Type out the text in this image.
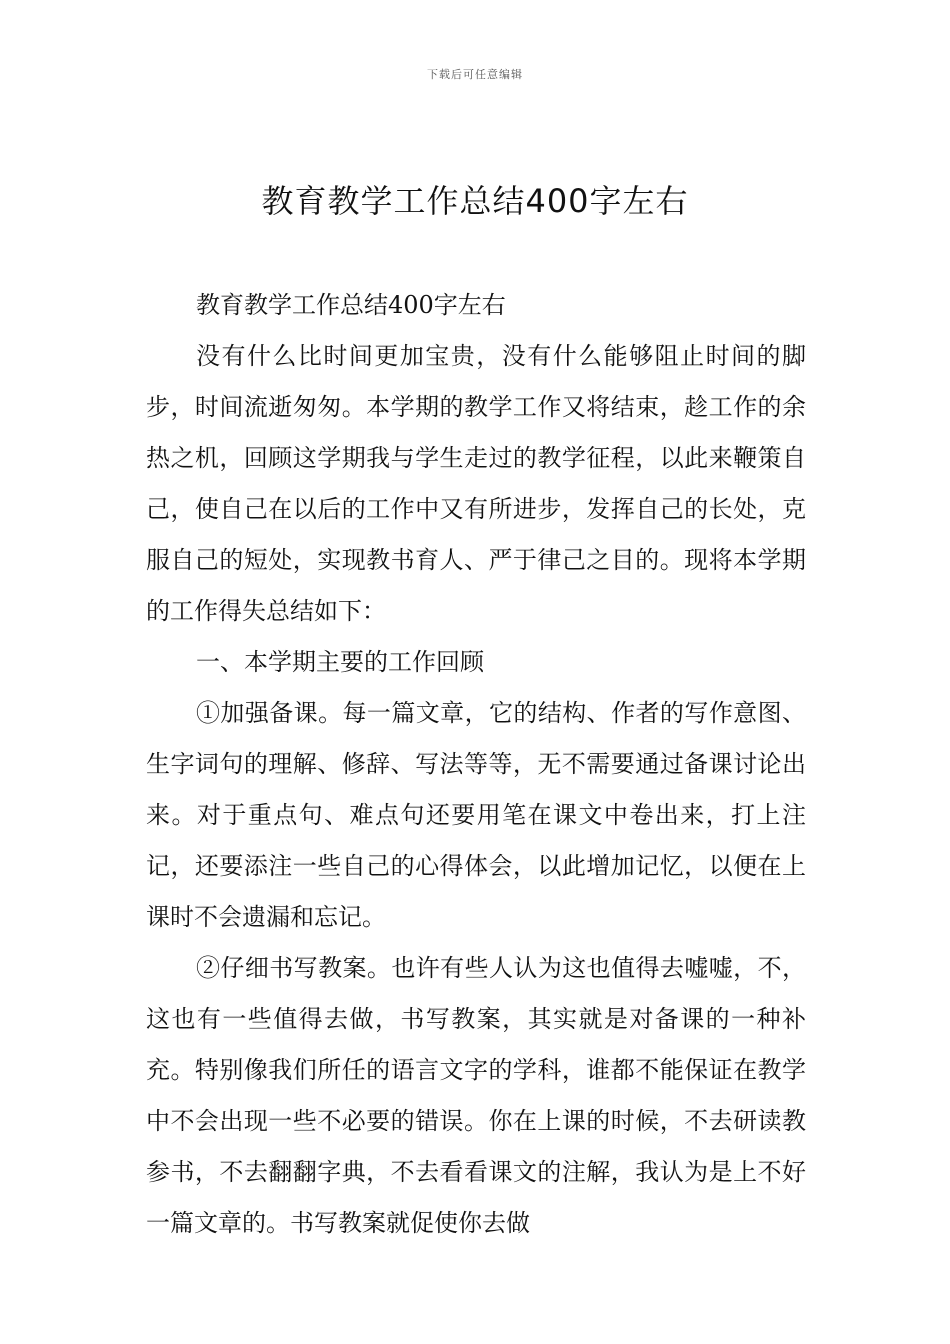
下载后可任意编辑
教育教学工作总结400字左右

教育教学工作总结400字左右

没有什么比时间更加宝贵，没有什么能够阻止时间的脚步，时间流逝匆匆。本学期的教学工作又将结束，趁工作的余热之机，回顾这学期我与学生走过的教学征程，以此来鞭策自己，使自己在以后的工作中又有所进步，发挥自己的长处，克服自己的短处，实现教书育人、严于律己之目的。现将本学期的工作得失总结如下：

一、本学期主要的工作回顾

①加强备课。每一篇文章，它的结构、作者的写作意图、生字词句的理解、修辞、写法等等，无不需要通过备课讨论出来。对于重点句、难点句还要用笔在课文中卷出来，打上注记，还要添注一些自己的心得体会，以此增加记忆，以便在上课时不会遗漏和忘记。

②仔细书写教案。也许有些人认为这也值得去嘘嘘，不，这也有一些值得去做，书写教案，其实就是对备课的一种补充。特别像我们所任的语言文字的学科，谁都不能保证在教学中不会出现一些不必要的错误。你在上课的时候，不去研读教参书，不去翻翻字典，不去看看课文的注解，我认为是上不好一篇文章的。书写教案就促使你去做
